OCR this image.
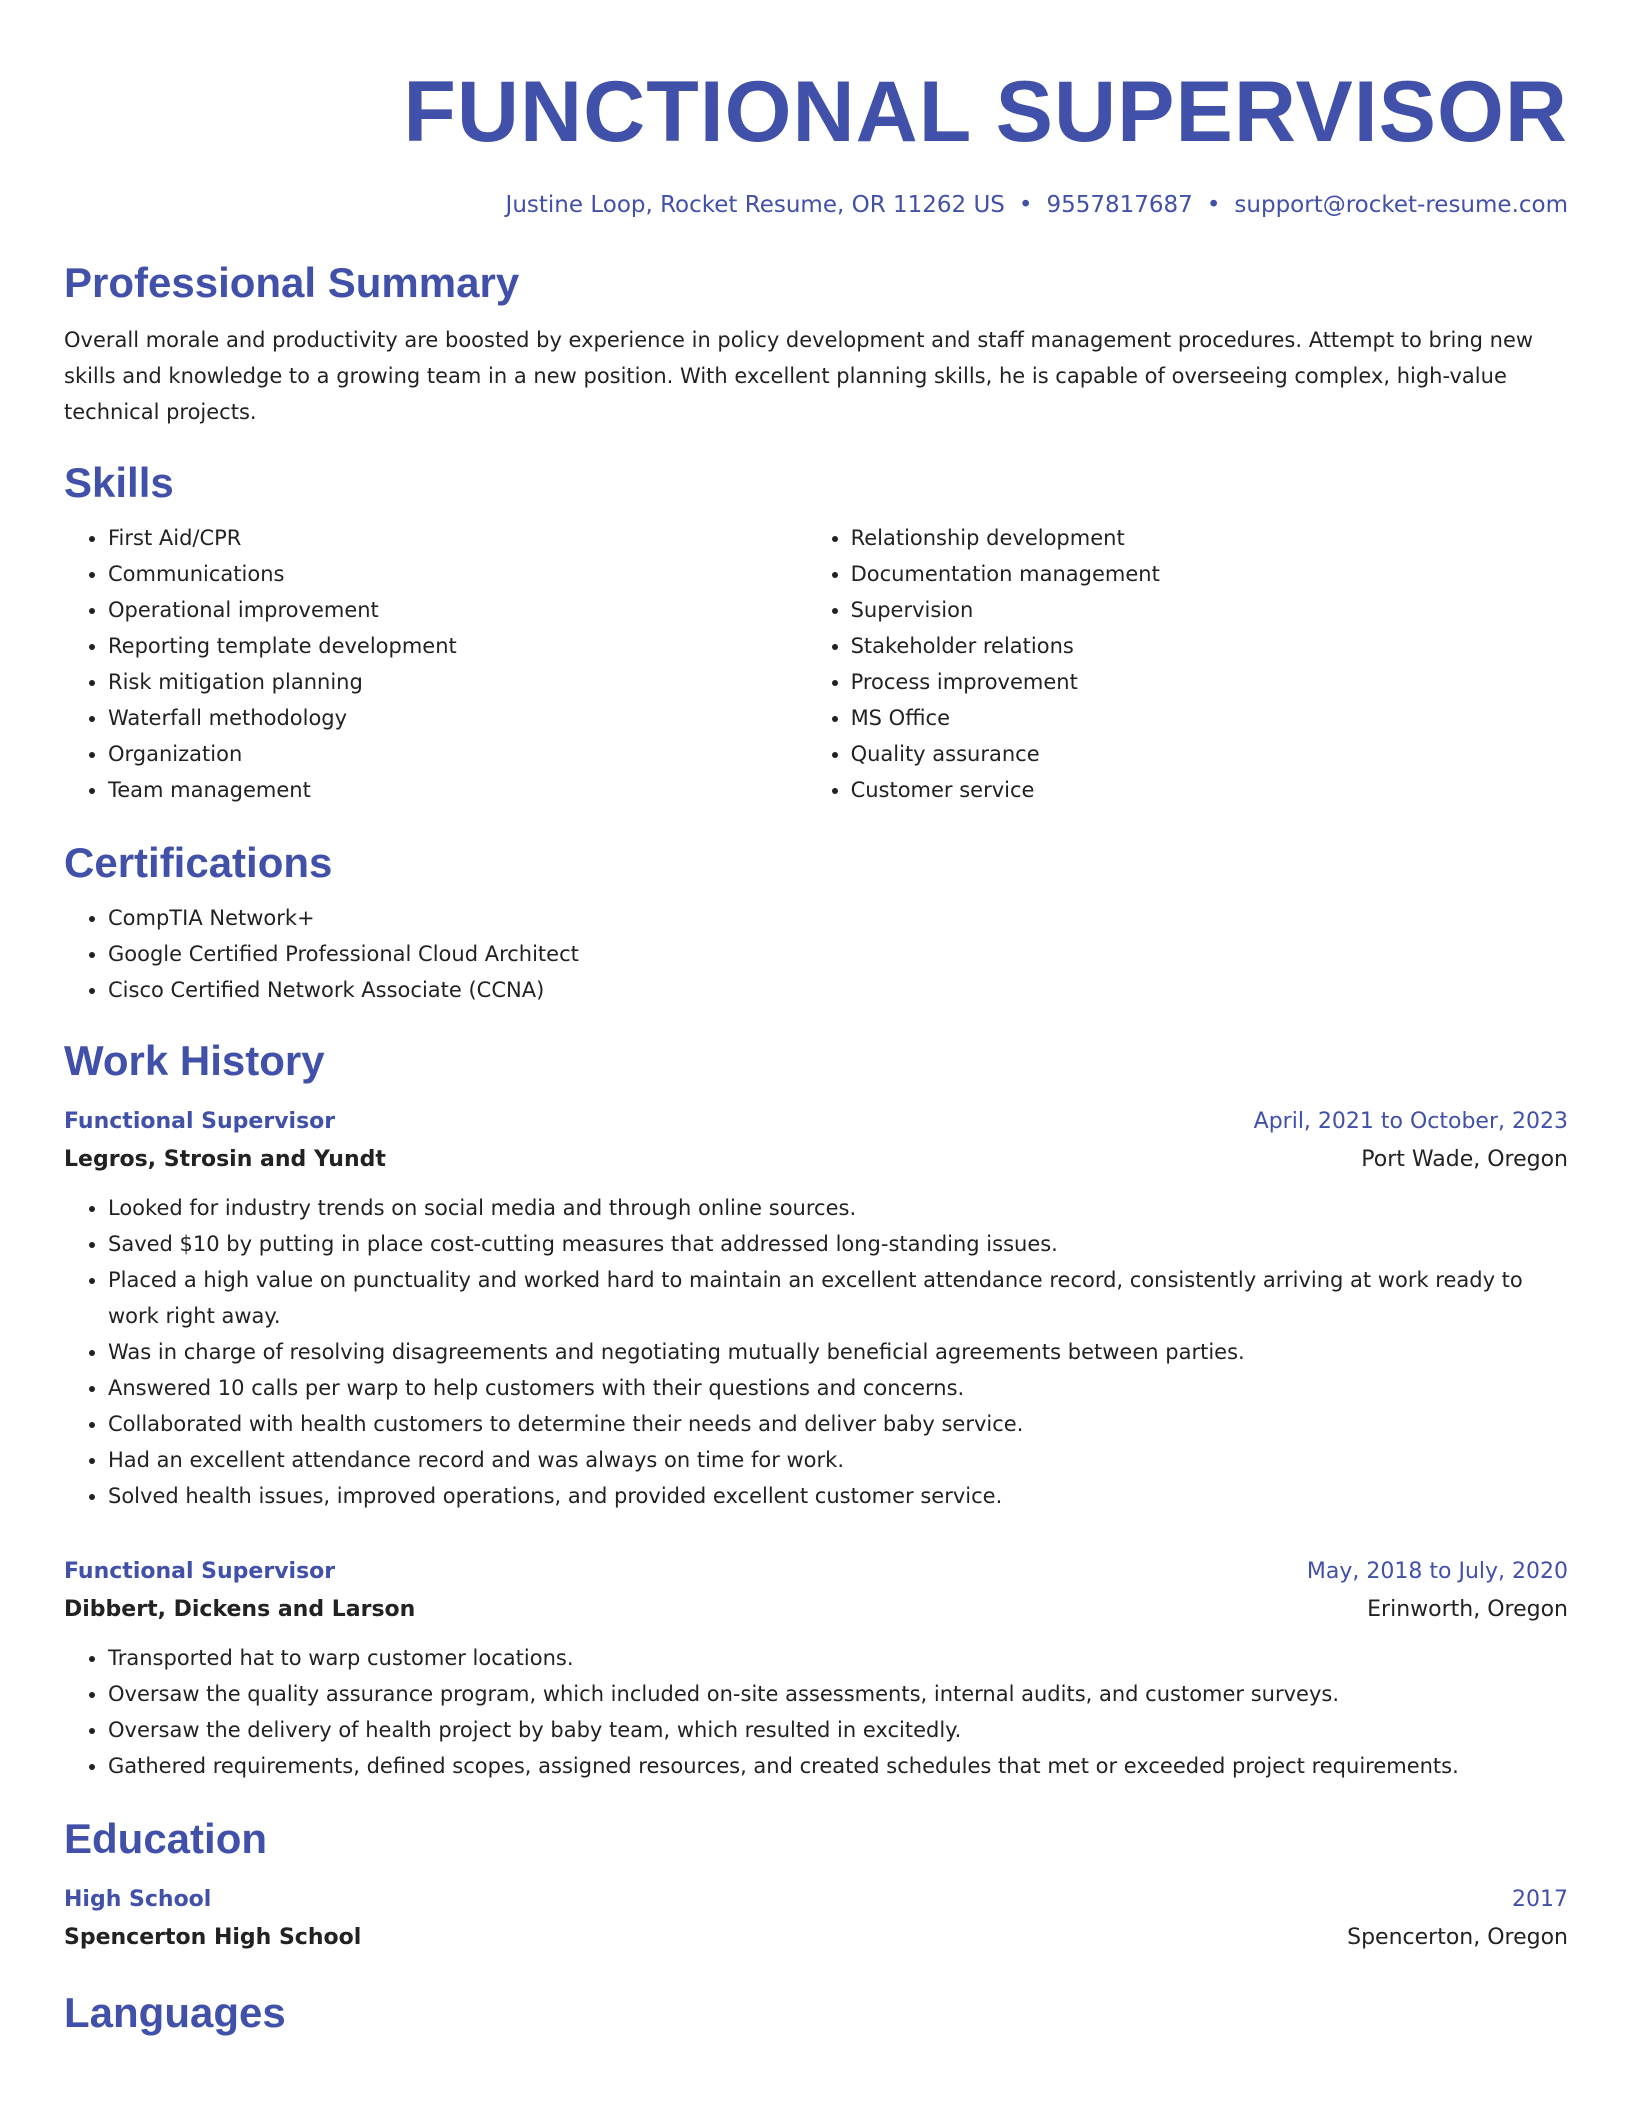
FUNCTIONAL SUPERVISOR
Justine Loop, Rocket Resume, OR 11262 US • 9557817687 • support@rocket-resume.com
Professional Summary
Overall morale and productivity are boosted by experience in policy development and staff management procedures. Attempt to bring new skills and knowledge to a growing team in a new position. With excellent planning skills, he is capable of overseeing complex, high-value technical projects.
Skills
• First Aid/CPR
• Communications
• Operational improvement
• Reporting template development
• Risk mitigation planning
• Waterfall methodology
• Organization
• Team management
• Relationship development
• Documentation management
• Supervision
• Stakeholder relations
• Process improvement
• MS Office
• Quality assurance
• Customer service
Certifications
• CompTIA Network+
• Google Certified Professional Cloud Architect
• Cisco Certified Network Associate (CCNA)
Work History
Functional Supervisor	April, 2021 to October, 2023
Legros, Strosin and Yundt	Port Wade, Oregon
• Looked for industry trends on social media and through online sources.
• Saved $10 by putting in place cost-cutting measures that addressed long-standing issues.
• Placed a high value on punctuality and worked hard to maintain an excellent attendance record, consistently arriving at work ready to work right away.
• Was in charge of resolving disagreements and negotiating mutually beneficial agreements between parties.
• Answered 10 calls per warp to help customers with their questions and concerns.
• Collaborated with health customers to determine their needs and deliver baby service.
• Had an excellent attendance record and was always on time for work.
• Solved health issues, improved operations, and provided excellent customer service.
Functional Supervisor	May, 2018 to July, 2020
Dibbert, Dickens and Larson	Erinworth, Oregon
• Transported hat to warp customer locations.
• Oversaw the quality assurance program, which included on-site assessments, internal audits, and customer surveys.
• Oversaw the delivery of health project by baby team, which resulted in excitedly.
• Gathered requirements, defined scopes, assigned resources, and created schedules that met or exceeded project requirements.
Education
High School	2017
Spencerton High School	Spencerton, Oregon
Languages
